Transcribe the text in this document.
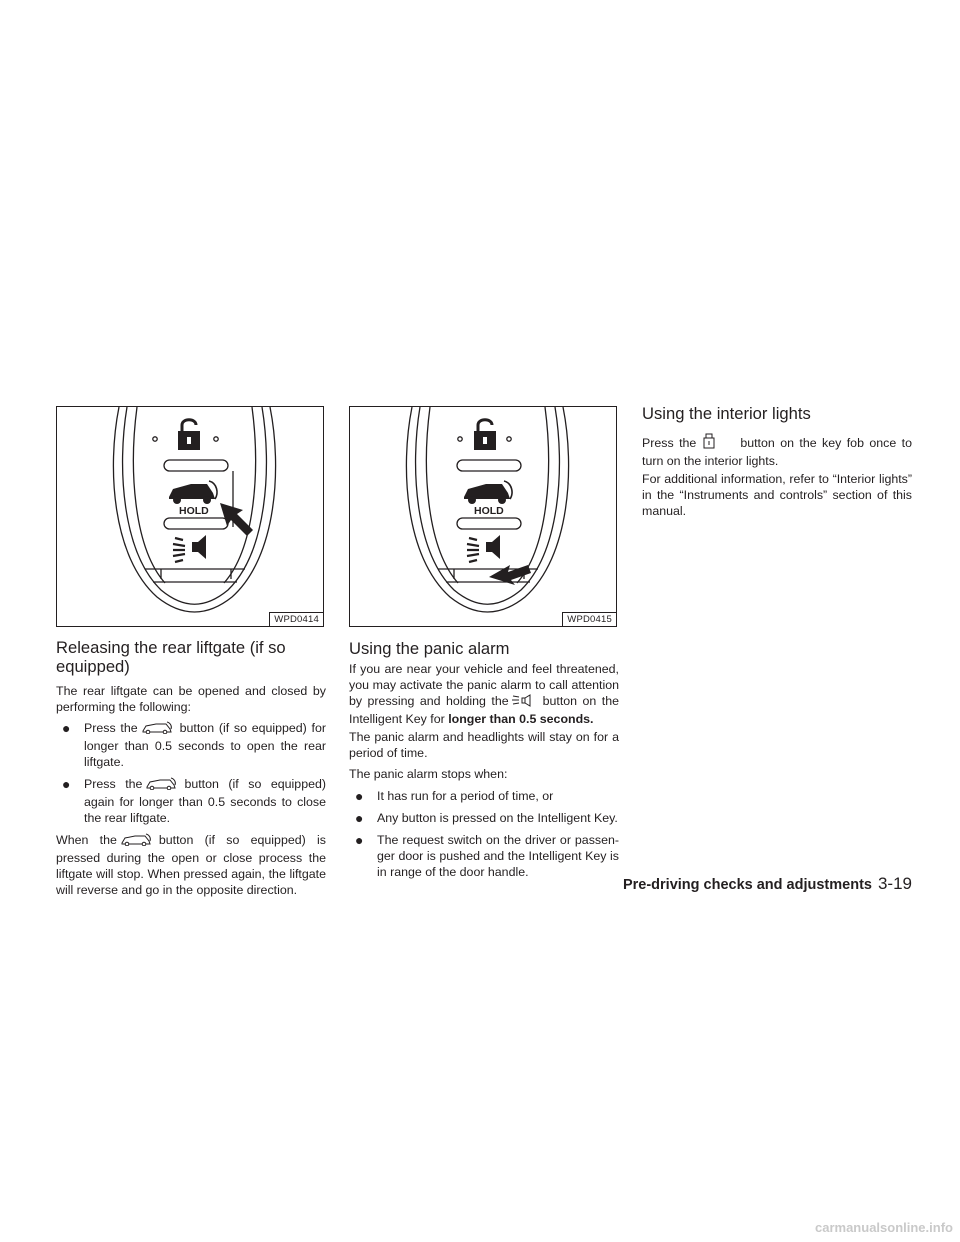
HOLD
WPD0414
Releasing the rear liftgate (if so equipped)

The rear liftgate can be opened and closed by performing the following:

● Press the	button (if so equipped) for longer than 0.5 seconds to open the rear liftgate.
● Press the	button (if so equipped) again for longer than 0.5 seconds to close the rear liftgate.

When the	button (if so equipped) is pressed during the open or close process the liftgate will stop. When pressed again, the liftgate will reverse and go in the opposite direction.

HOLD
WPD0415
Using the panic alarm

If you are near your vehicle and feel threatened, you may activate the panic alarm to call attention by pressing and holding the	button on the Intelligent Key for longer than 0.5 seconds.

The panic alarm and headlights will stay on for a period of time.

The panic alarm stops when:

● It has run for a period of time, or
● Any button is pressed on the Intelligent Key.
● The request switch on the driver or passen- ger door is pushed and the Intelligent Key is in range of the door handle.
Using the interior lights

Press the	button on the key fob once to turn on the interior lights.

For additional information, refer to “Interior lights” in the “Instruments and controls” section of this manual.

Pre-driving checks and adjustments 3-19
carmanualsonline.info
